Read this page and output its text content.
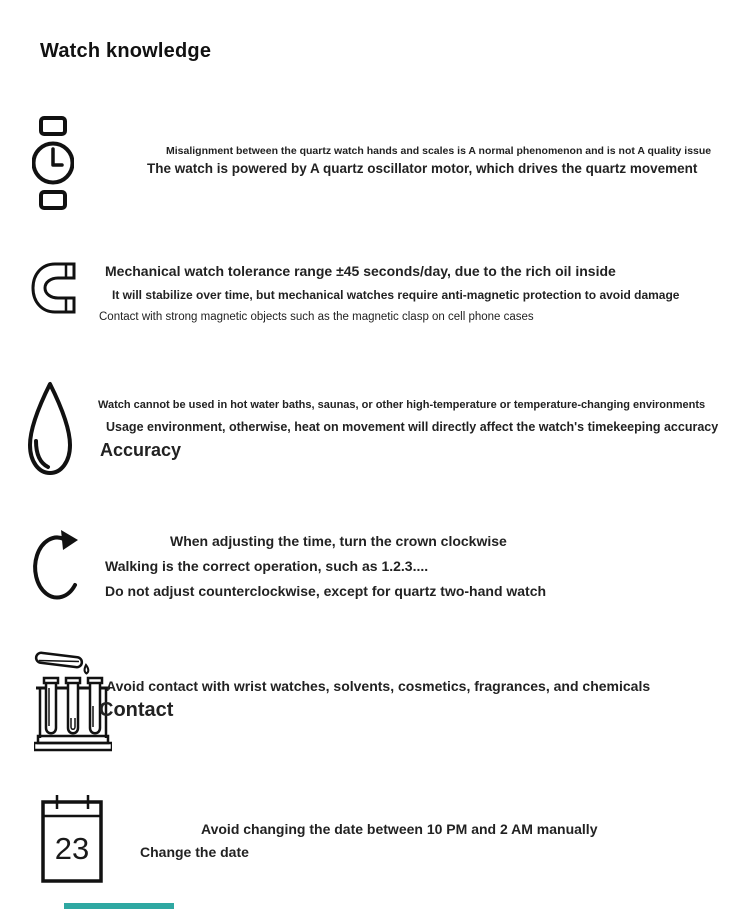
Watch knowledge
Misalignment between the quartz watch hands and scales is A normal phenomenon and is not A quality issue
The watch is powered by A quartz oscillator motor, which drives the quartz movement
Mechanical watch tolerance range ±45 seconds/day, due to the rich oil inside
It will stabilize over time, but mechanical watches require anti-magnetic protection to avoid damage
Contact with strong magnetic objects such as the magnetic clasp on cell phone cases
Watch cannot be used in hot water baths, saunas, or other high-temperature or temperature-changing environments
Usage environment, otherwise, heat on movement will directly affect the watch's timekeeping accuracy
Accuracy
When adjusting the time, turn the crown clockwise
Walking is the correct operation, such as 1.2.3....
Do not adjust counterclockwise, except for quartz two-hand watch
Avoid contact with wrist watches, solvents, cosmetics, fragrances, and chemicals
Contact
23
Avoid changing the date between 10 PM and 2 AM manually
Change the date
